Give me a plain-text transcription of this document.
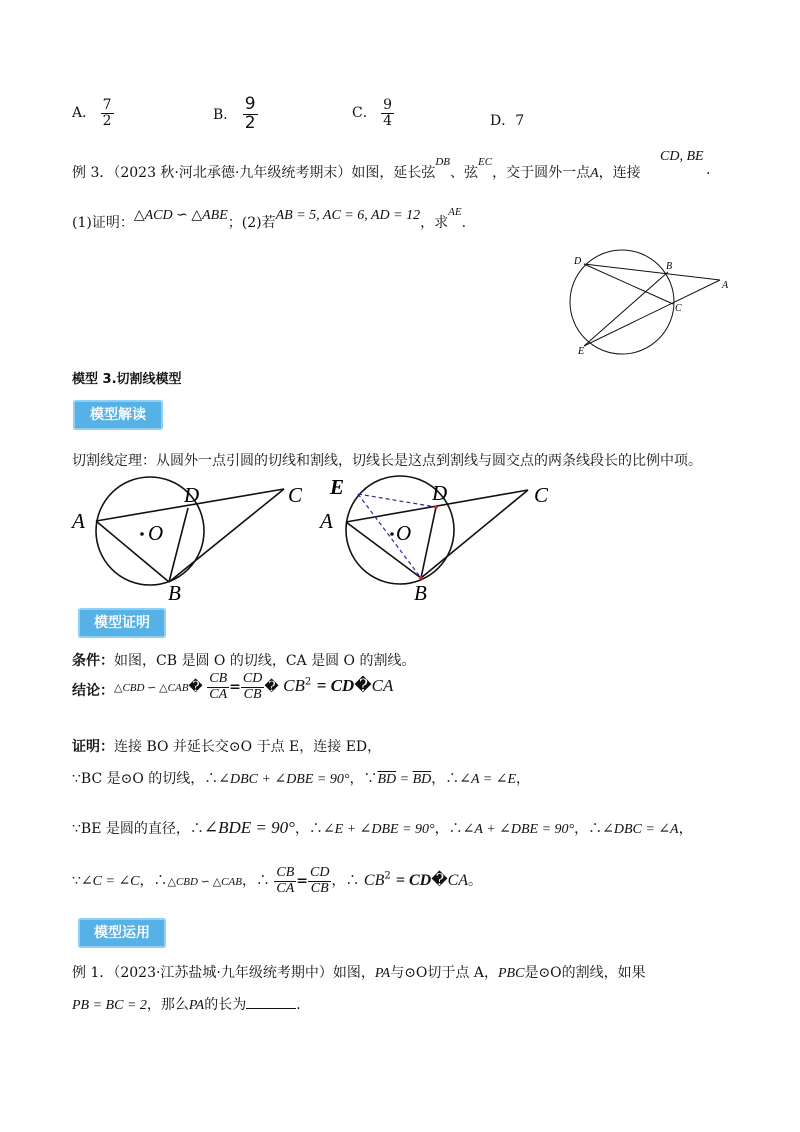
A． $\frac{7}{2}$	B． $\frac{9}{2}$	C． $\frac{9}{4}$	D．7
例 3．（2023 秋·河北承德·九年级统考期末）如图，延长弦$^{DB}$、弦$^{EC}$，交于圆外一点A，连接
CD, BE
.
(1)证明：△ACD ∽ △ABE；(2)若AB = 5, AC = 6, AD = 12，求$^{AE}$.
D	B
A
C
E
模型 3.切割线模型
模型解读
切割线定理：从圆外一点引圆的切线和割线，切线长是这点到割线与圆交点的两条线段长的比例中项。
A
D	C
O
B
E
A
D	C
O
B
模型证明
条件：如图，CB 是圆 O 的切线，CA 是圆 O 的割线。
结论：△CBD ∽ △CAB� $\frac{CB}{CA} = \frac{CD}{CB}$ � $CB^2$ = CD�CA
证明：连接 BO 并延长交⊙O 于点 E，连接 ED，
∵BC 是⊙O 的切线，∴∠DBC + ∠DBE = 90°，$\because\overline{BD} = \overline{BD}$，∴∠A = ∠E，
∵BE 是圆的直径，∴∠BDE = 90°，∴∠E + ∠DBE = 90°，∴∠A + ∠DBE = 90°，∴∠DBC = ∠A，
∵∠C = ∠C，∴△CBD ∽ △CAB，∴ $\frac{CB}{CA} = \frac{CD}{CB}$ ，∴ $CB^2$ = CD�CA。
模型运用
例 1．（2023·江苏盐城·九年级统考期中）如图，PA与⊙O切于点 A，PBC是⊙O的割线，如果
PB = BC = 2，那么PA的长为	.
